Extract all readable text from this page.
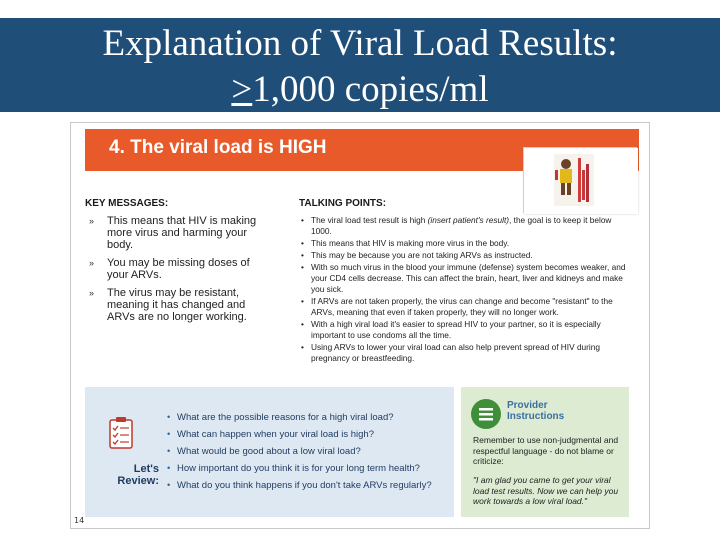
Explanation of Viral Load Results:
>1,000 copies/ml
4. The viral load is HIGH
KEY MESSAGES:
» This means that HIV is making more virus and harming your body.
» You may be missing doses of your ARVs.
» The virus may be resistant, meaning it has changed and ARVs are no longer working.
TALKING POINTS:
• The viral load test result is high (insert patient's result), the goal is to keep it below 1000.
• This means that HIV is making more virus in the body.
• This may be because you are not taking ARVs as instructed.
• With so much virus in the blood your immune (defense) system becomes weaker, and your CD4 cells decrease. This can affect the brain, heart, liver and kidneys and make you sick.
• If ARVs are not taken properly, the virus can change and become "resistant" to the ARVs, meaning that even if taken properly, they will no longer work.
• With a high viral load it's easier to spread HIV to your partner, so it is especially important to use condoms all the time.
• Using ARVs to lower your viral load can also help prevent spread of HIV during pregnancy or breastfeeding.
Let's
Review:
• What are the possible reasons for a high viral load?
• What can happen when your viral load is high?
• What would be good about a low viral load?
• How important do you think it is for your long term health?
• What do you think happens if you don't take ARVs regularly?
Provider
Instructions
Remember to use non-judgmental and respectful language - do not blame or criticize:
"I am glad you came to get your viral load test results. Now we can help you work towards a low viral load."
14
